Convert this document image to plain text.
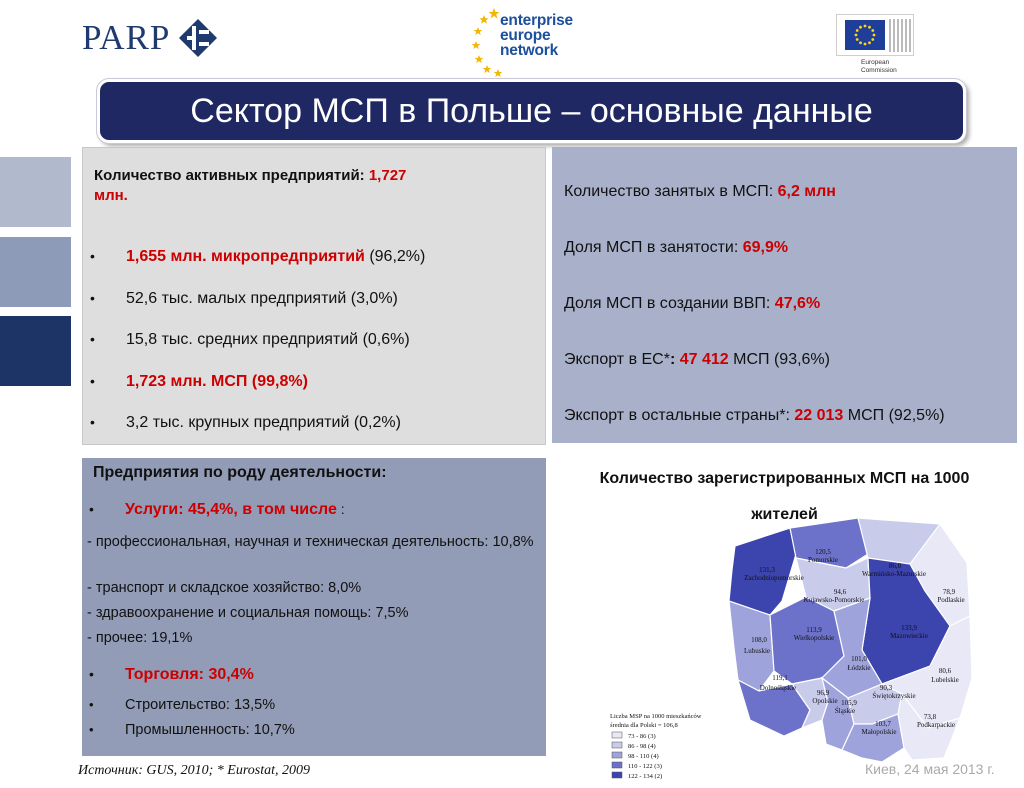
PARP	enterprise
europe
network
European
Commission
Сектор МСП в Польше – основные данные
Количество активных предприятий: 1,727
млн.
• 1,655 млн. микропредприятий (96,2%)
• 52,6 тыс. малых предприятий (3,0%)
• 15,8 тыс. средних предприятий (0,6%)
• 1,723 млн. МСП (99,8%)
• 3,2 тыс. крупных предприятий (0,2%)
Количество занятых в МСП: 6,2 млн
Доля МСП в занятости: 69,9%
Доля МСП в создании ВВП: 47,6%
Экспорт в ЕС*: 47 412 МСП (93,6%)
Экспорт в остальные страны*: 22 013 МСП (92,5%)
Предприятия по роду деятельности:
• Услуги: 45,4%, в том числе :
- профессиональная, научная и техническая деятельность: 10,8%
- транспорт и складское хозяйство: 8,0%
- здравоохранение и социальная помощь: 7,5%
- прочее: 19,1%
• Торговля: 30,4%
• Строительство: 13,5%
• Промышленность: 10,7%
Количество зарегистрированных МСП на 1000
жителей
120,5 Pomorskie
131,3 Zachodniopomorskie
86,0 Warmińsko-Mazurskie
94,6 Kujawsko-Pomorskie
78,9 Podlaskie
108,0 Lubuskie
113,9 Wielkopolskie
133,9 Mazowieckie
101,0 Łódzkie
119,1 Dolnośląskie
80,6 Lubelskie
96,9 Opolskie
90,3 Świętokrzyskie
105,9 Śląskie
103,7 Małopolskie
73,8 Podkarpackie
Liczba MSP na 1000 mieszkańców
średnia dla Polski = 106,8
73 - 86 (3)
86 - 98 (4)
98 - 110 (4)
110 - 122 (3)
122 - 134 (2)
Источник: GUS, 2010; * Eurostat, 2009	Киев, 24 мая 2013 г.
